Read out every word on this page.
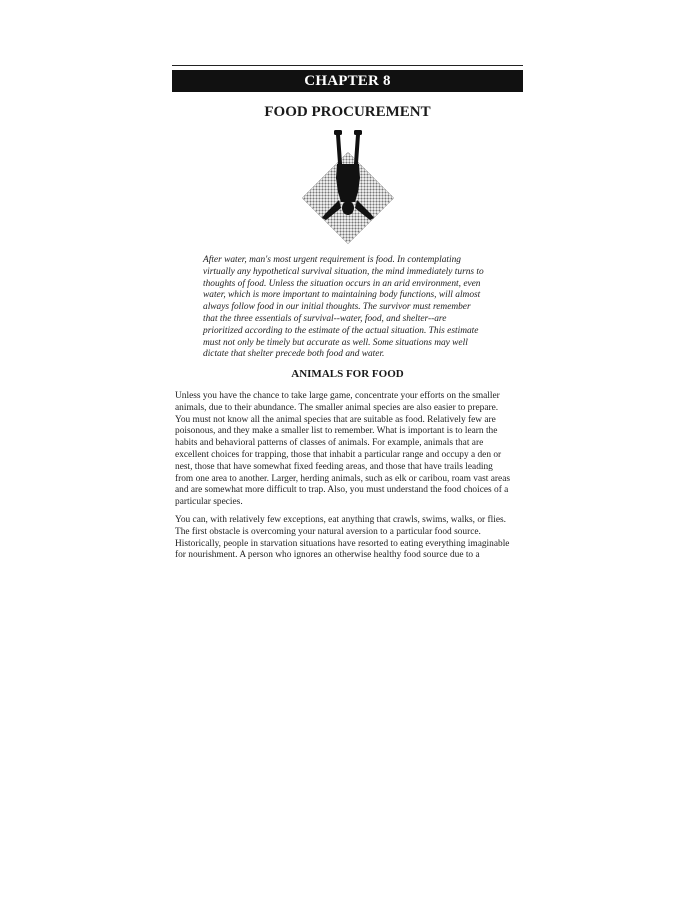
CHAPTER 8
FOOD PROCUREMENT
After water, man's most urgent requirement is food. In contemplating
virtually any hypothetical survival situation, the mind immediately turns to
thoughts of food. Unless the situation occurs in an arid environment, even
water, which is more important to maintaining body functions, will almost
always follow food in our initial thoughts. The survivor must remember
that the three essentials of survival--water, food, and shelter--are
prioritized according to the estimate of the actual situation. This estimate
must not only be timely but accurate as well. Some situations may well
dictate that shelter precede both food and water.
ANIMALS FOR FOOD
Unless you have the chance to take large game, concentrate your efforts on the smaller
animals, due to their abundance. The smaller animal species are also easier to prepare.
You must not know all the animal species that are suitable as food. Relatively few are
poisonous, and they make a smaller list to remember. What is important is to learn the
habits and behavioral patterns of classes of animals. For example, animals that are
excellent choices for trapping, those that inhabit a particular range and occupy a den or
nest, those that have somewhat fixed feeding areas, and those that have trails leading
from one area to another. Larger, herding animals, such as elk or caribou, roam vast areas
and are somewhat more difficult to trap. Also, you must understand the food choices of a
particular species.
You can, with relatively few exceptions, eat anything that crawls, swims, walks, or flies.
The first obstacle is overcoming your natural aversion to a particular food source.
Historically, people in starvation situations have resorted to eating everything imaginable
for nourishment. A person who ignores an otherwise healthy food source due to a
